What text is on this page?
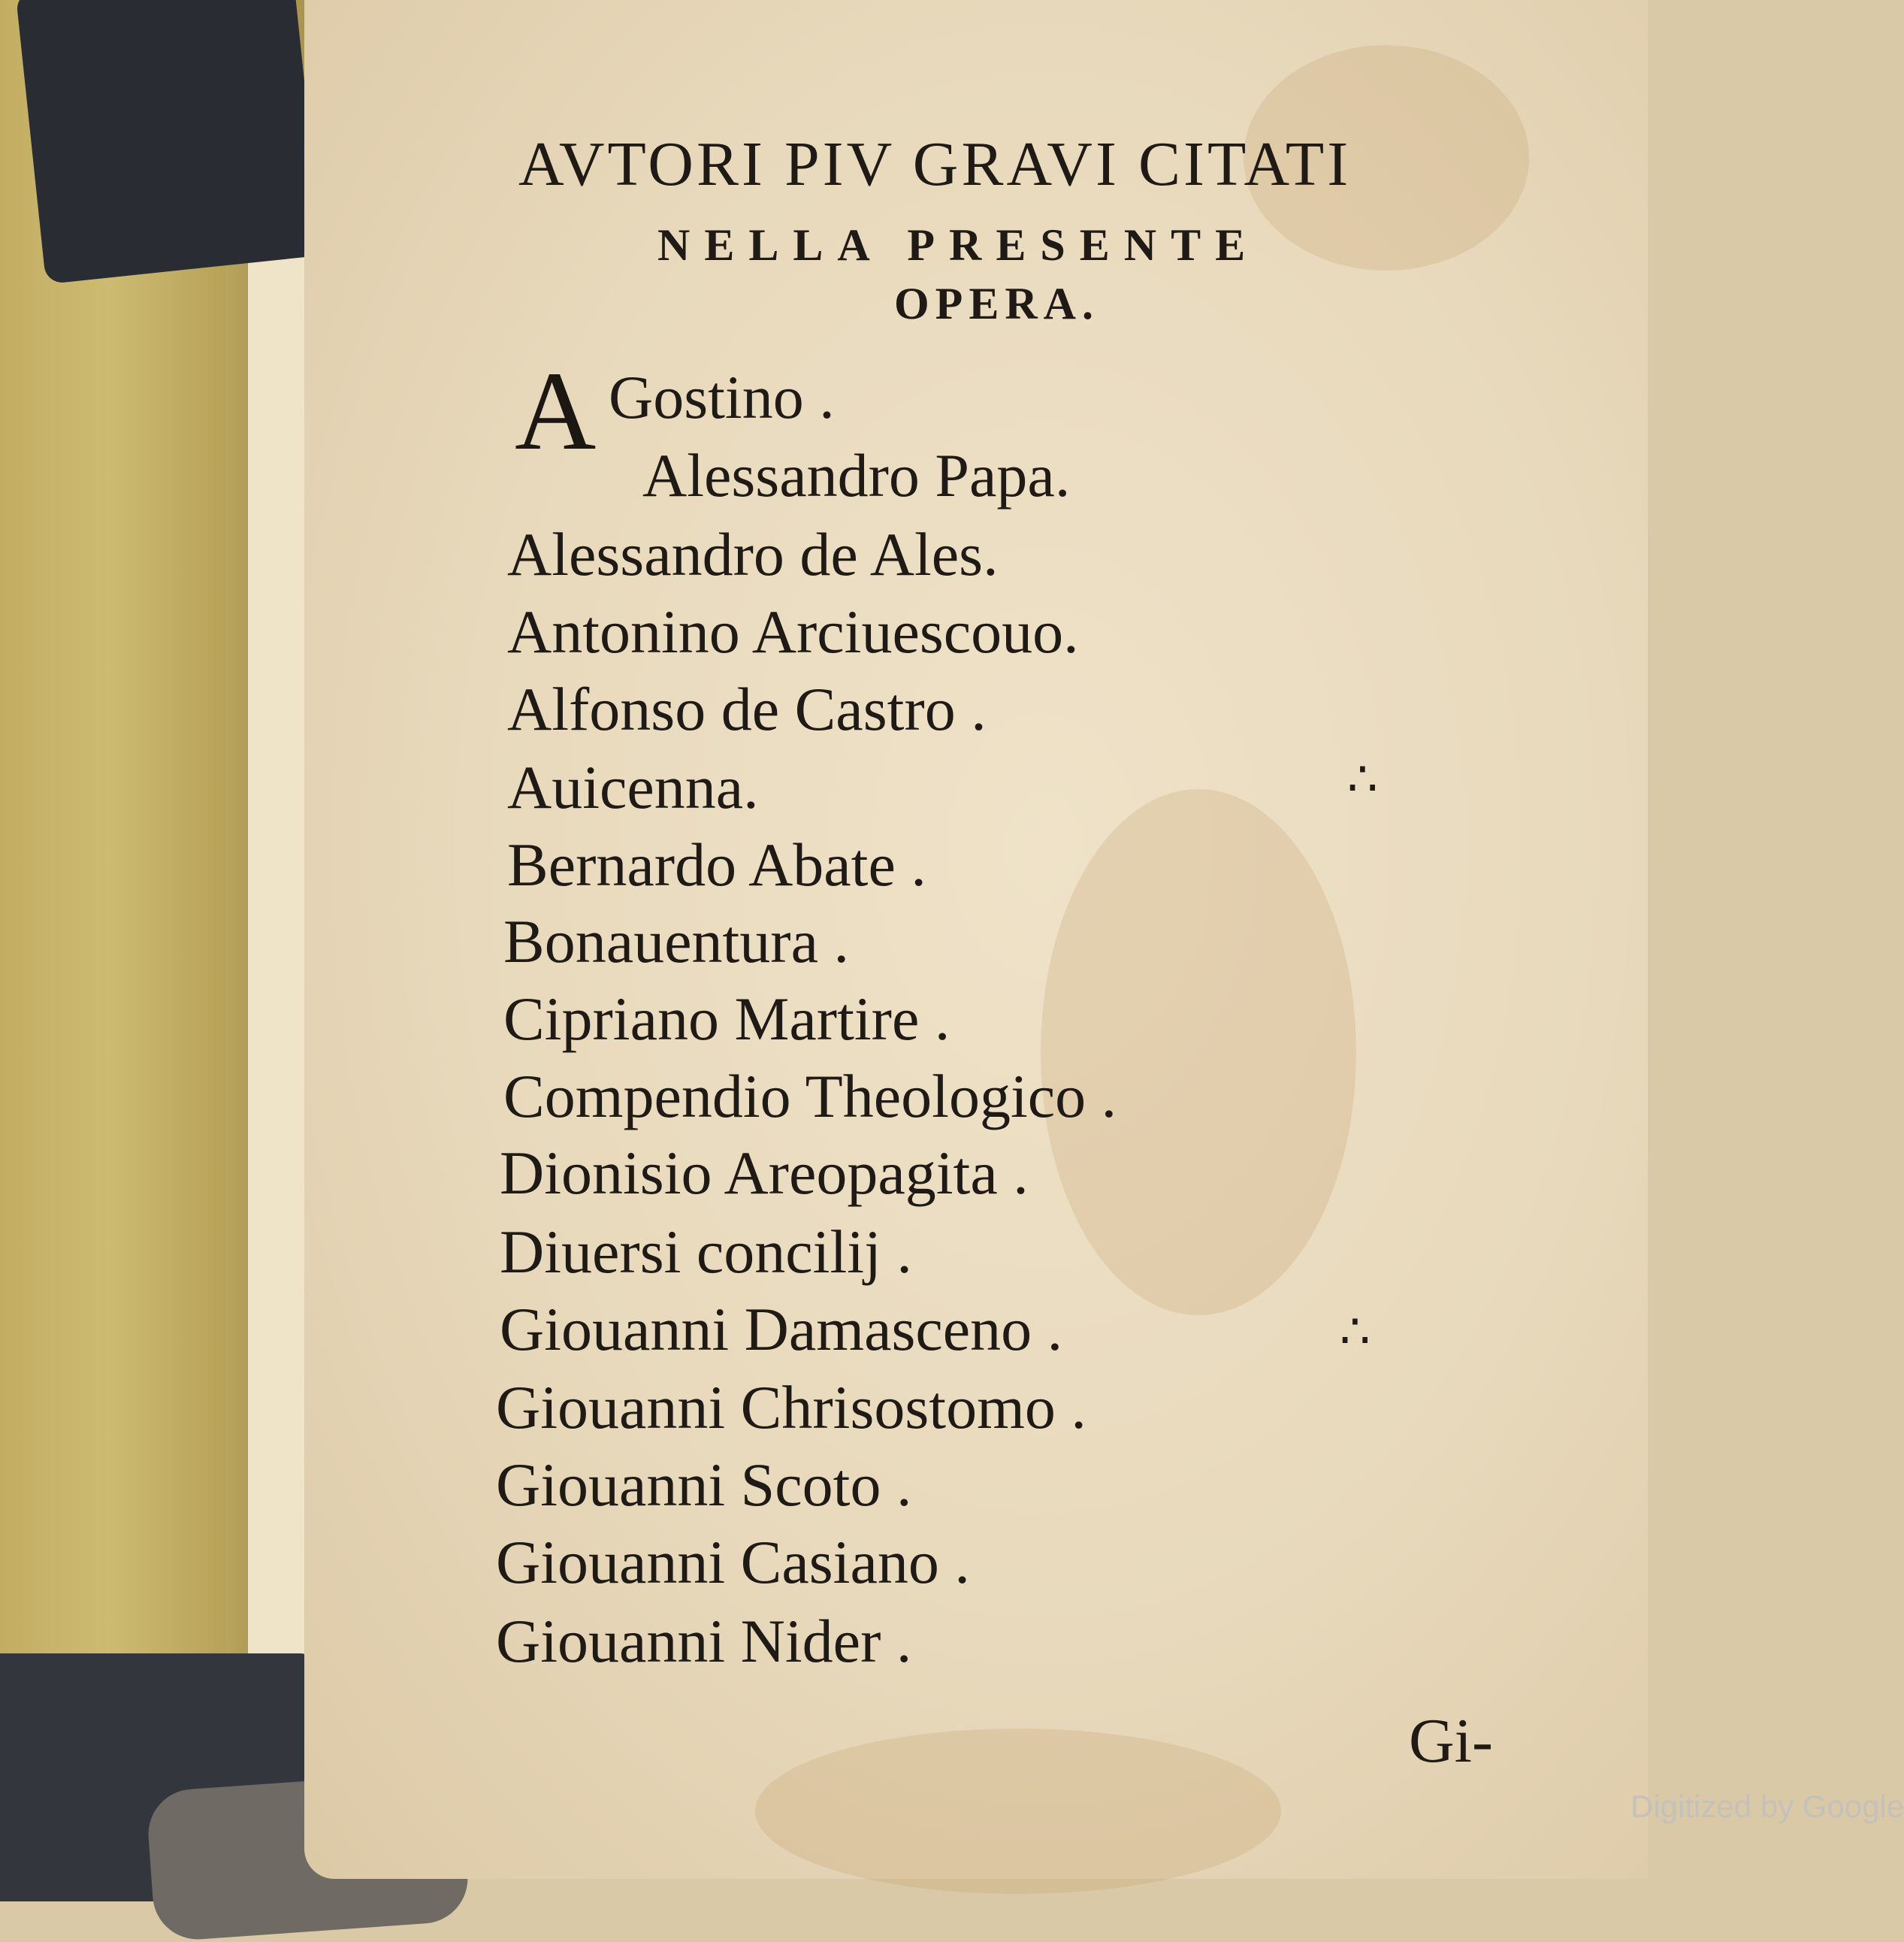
AVTORI PIV GRAVI CITATI
NELLA PRESENTE
OPERA.
A Gostino .
Alessandro Papa.
Alessandro de Ales.
Antonino Arciuescouo.
Alfonso de Castro .
Auicenna.
Bernardo Abate .
Bonauentura .
Cipriano Martire .
Compendio Theologico .
Dionisio Areopagita .
Diuersi concilij .
Giouanni Damasceno .
Giouanni Chrisostomo .
Giouanni Scoto .
Giouanni Casiano .
Giouanni Nider .
∴
∴
Gi-
Digitized by Google
